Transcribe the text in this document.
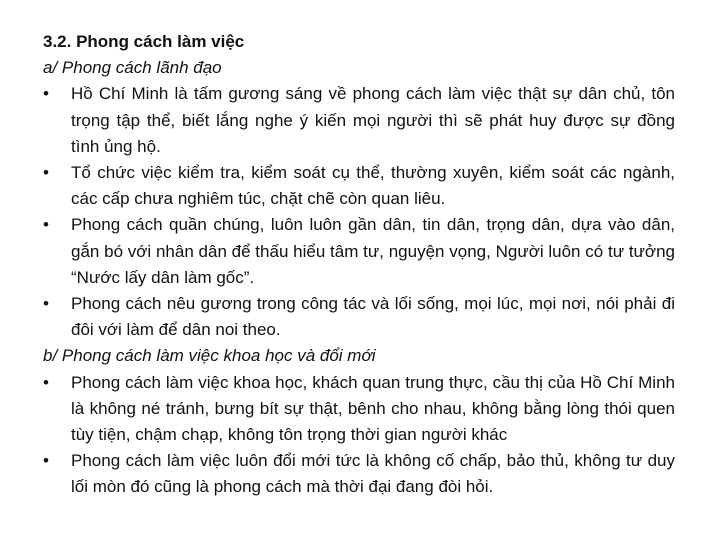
3.2. Phong cách làm việc

a/ Phong cách lãnh đạo

•	Hồ Chí Minh là tấm gương sáng về phong cách làm việc thật sự dân chủ, tôn trọng tập thể, biết lắng nghe ý kiến mọi người thì sẽ phát huy được sự đồng tình ủng hộ.
•	Tổ chức việc kiểm tra, kiểm soát cụ thể, thường xuyên, kiểm soát các ngành, các cấp chưa nghiêm túc, chặt chẽ còn quan liêu.
•	Phong cách quần chúng, luôn luôn gần dân, tin dân, trọng dân, dựa vào dân, gắn bó với nhân dân để thấu hiểu tâm tư, nguyện vọng, Người luôn có tư tưởng “Nước lấy dân làm gốc”.
•	Phong cách nêu gương trong công tác và lối sống, mọi lúc, mọi nơi, nói phải đi đôi với làm để dân noi theo.

b/ Phong cách làm việc khoa học và đổi mới

•	Phong cách làm việc khoa học, khách quan trung thực, cầu thị của Hồ Chí Minh là không né tránh, bưng bít sự thật, bênh cho nhau, không bằng lòng thói quen tùy tiện, chậm chạp, không tôn trọng thời gian người khác
•	Phong cách làm việc luôn đổi mới tức là không cố chấp, bảo thủ, không tư duy lối mòn đó cũng là phong cách mà thời đại đang đòi hỏi.
